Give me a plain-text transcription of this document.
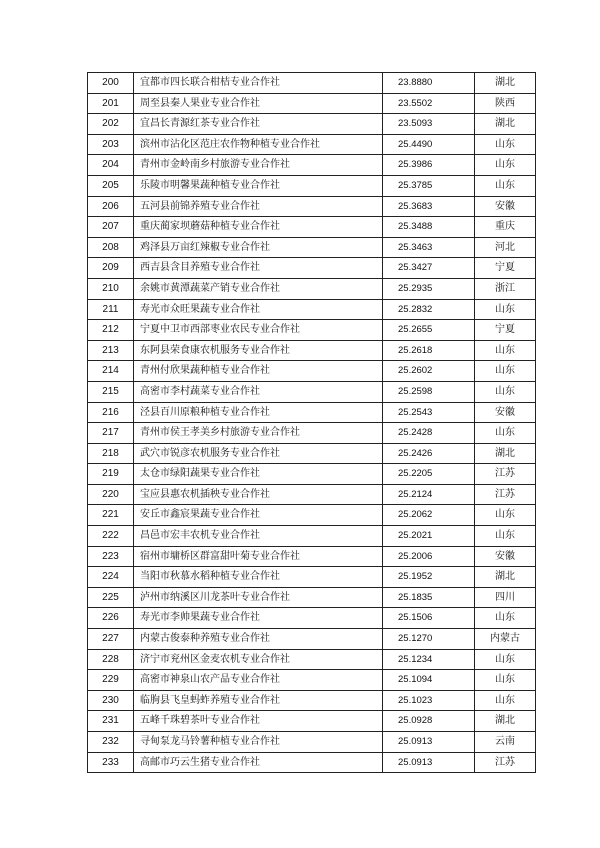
200	宜都市四长联合柑桔专业合作社	23.8880	湖北
201	周至县秦人果业专业合作社	23.5502	陕西
202	宜昌长青源红茶专业合作社	23.5093	湖北
203	滨州市沾化区范庄农作物种植专业合作社	25.4490	山东
204	青州市金岭南乡村旅游专业合作社	25.3986	山东
205	乐陵市明馨果蔬种植专业合作社	25.3785	山东
206	五河县前锦养殖专业合作社	25.3683	安徽
207	重庆蔺家坝蘑菇种植专业合作社	25.3488	重庆
208	鸡泽县万亩红辣椒专业合作社	25.3463	河北
209	西吉县含目养殖专业合作社	25.3427	宁夏
210	余姚市黄潭蔬菜产销专业合作社	25.2935	浙江
211	寿光市众旺果蔬专业合作社	25.2832	山东
212	宁夏中卫市西部枣业农民专业合作社	25.2655	宁夏
213	东阿县荣食康农机服务专业合作社	25.2618	山东
214	青州付欣果蔬种植专业合作社	25.2602	山东
215	高密市李村蔬菜专业合作社	25.2598	山东
216	泾县百川原粮种植专业合作社	25.2543	安徽
217	青州市侯王孝美乡村旅游专业合作社	25.2428	山东
218	武穴市锐彦农机服务专业合作社	25.2426	湖北
219	太仓市绿阳蔬果专业合作社	25.2205	江苏
220	宝应县惠农机插秧专业合作社	25.2124	江苏
221	安丘市鑫宸果蔬专业合作社	25.2062	山东
222	昌邑市宏丰农机专业合作社	25.2021	山东
223	宿州市墉桥区群富甜叶菊专业合作社	25.2006	安徽
224	当阳市秋慕水稻种植专业合作社	25.1952	湖北
225	泸州市纳溪区川龙茶叶专业合作社	25.1835	四川
226	寿光市李帅果蔬专业合作社	25.1506	山东
227	内蒙古俊泰种养殖专业合作社	25.1270	内蒙古
228	济宁市兖州区金麦农机专业合作社	25.1234	山东
229	高密市神泉山农产品专业合作社	25.1094	山东
230	临朐县飞皇蚂蚱养殖专业合作社	25.1023	山东
231	五峰千珠碧茶叶专业合作社	25.0928	湖北
232	寻甸泵龙马铃薯种植专业合作社	25.0913	云南
233	高邮市巧云生猪专业合作社	25.0913	江苏
